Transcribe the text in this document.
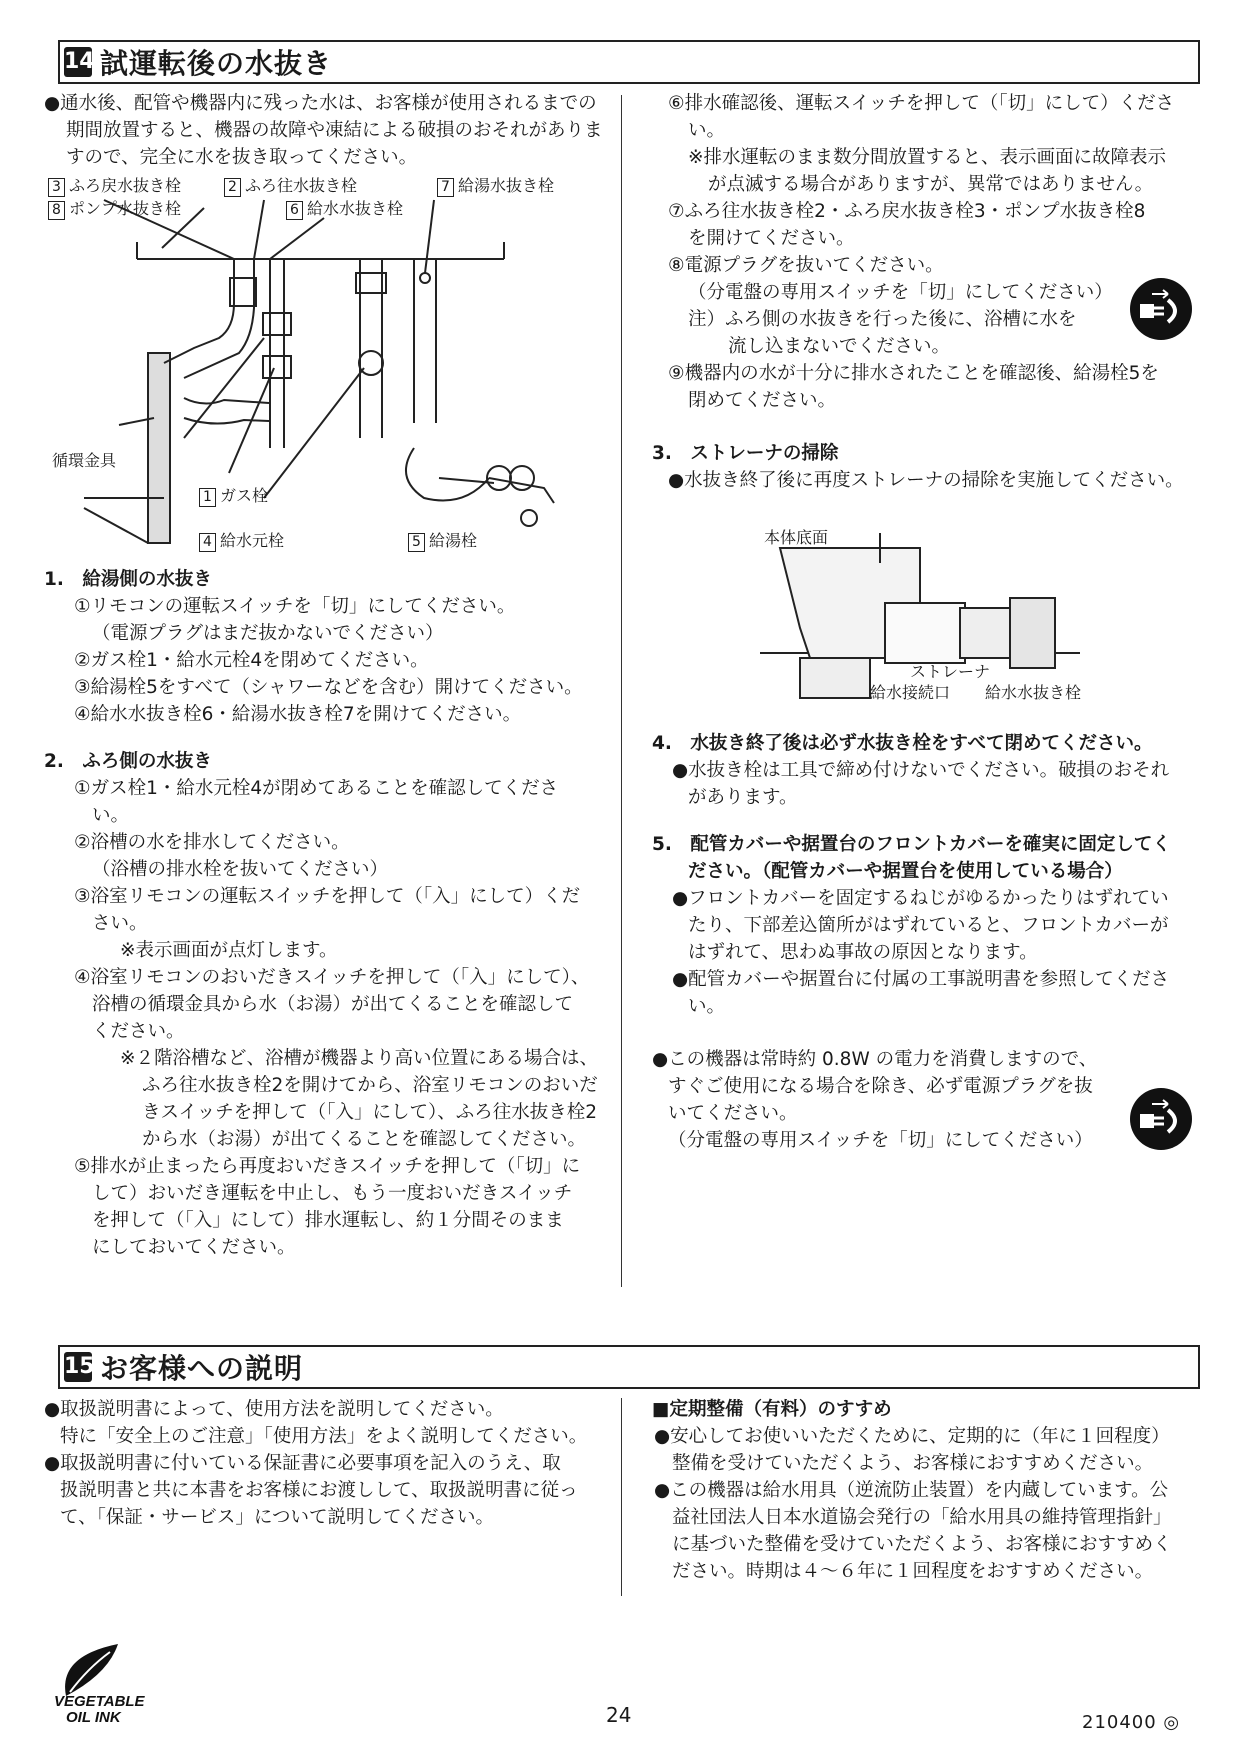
14 試運転後の水抜き

●通水後、配管や機器内に残った水は、お客様が使用されるまでの期間放置すると、機器の故障や凍結による破損のおそれがありますので、完全に水を抜き取ってください。

3 ふろ戻水抜き栓	2 ふろ往水抜き栓	7 給湯水抜き栓
8 ポンプ水抜き栓	6 給水水抜き栓
循環金具
1 ガス栓
4 給水元栓	5 給湯栓

1.　給湯側の水抜き

①リモコンの運転スイッチを「切」にしてください。

（電源プラグはまだ抜かないでください）

②ガス栓1・給水元栓4を閉めてください。

③給湯栓5をすべて（シャワーなどを含む）開けてください。

④給水水抜き栓6・給湯水抜き栓7を開けてください。

2.　ふろ側の水抜き

①ガス栓1・給水元栓4が閉めてあることを確認してくださ

い。

②浴槽の水を排水してください。

（浴槽の排水栓を抜いてください）

③浴室リモコンの運転スイッチを押して（「入」にして）くだ

さい。

※表示画面が点灯します。

④浴室リモコンのおいだきスイッチを押して（「入」にして）、

浴槽の循環金具から水（お湯）が出てくることを確認して

ください。

※２階浴槽など、浴槽が機器より高い位置にある場合は、

ふろ往水抜き栓2を開けてから、浴室リモコンのおいだ

きスイッチを押して（「入」にして）、ふろ往水抜き栓2

から水（お湯）が出てくることを確認してください。

⑤排水が止まったら再度おいだきスイッチを押して（「切」に

して）おいだき運転を中止し、もう一度おいだきスイッチ

を押して（「入」にして）排水運転し、約１分間そのまま

にしておいてください。

⑥排水確認後、運転スイッチを押して（「切」にして）くださ

い。

※排水運転のまま数分間放置すると、表示画面に故障表示

が点滅する場合がありますが、異常ではありません。

⑦ふろ往水抜き栓2・ふろ戻水抜き栓3・ポンプ水抜き栓8

を開けてください。

⑧電源プラグを抜いてください。

（分電盤の専用スイッチを「切」にしてください）

注）ふろ側の水抜きを行った後に、浴槽に水を

流し込まないでください。

⑨機器内の水が十分に排水されたことを確認後、給湯栓5を

閉めてください。

3.　ストレーナの掃除

●水抜き終了後に再度ストレーナの掃除を実施してください。

本体底面
ストレーナ
給水接続口 給水水抜き栓

4.　水抜き終了後は必ず水抜き栓をすべて閉めてください。

●水抜き栓は工具で締め付けないでください。破損のおそれ

があります。

5.　配管カバーや据置台のフロントカバーを確実に固定してく

ださい。（配管カバーや据置台を使用している場合）

●フロントカバーを固定するねじがゆるかったりはずれてい

たり、下部差込箇所がはずれていると、フロントカバーが

はずれて、思わぬ事故の原因となります。

●配管カバーや据置台に付属の工事説明書を参照してくださ

い。

●この機器は常時約 0.8W の電力を消費しますので、

すぐご使用になる場合を除き、必ず電源プラグを抜

いてください。

（分電盤の専用スイッチを「切」にしてください）

15 お客様への説明

●取扱説明書によって、使用方法を説明してください。

特に「安全上のご注意」「使用方法」をよく説明してください。

●取扱説明書に付いている保証書に必要事項を記入のうえ、取

扱説明書と共に本書をお客様にお渡しして、取扱説明書に従っ

て、「保証・サービス」について説明してください。

■定期整備（有料）のすすめ

●安心してお使いいただくために、定期的に（年に１回程度）

整備を受けていただくよう、お客様におすすめください。

●この機器は給水用具（逆流防止装置）を内蔵しています。公

益社団法人日本水道協会発行の「給水用具の維持管理指針」

に基づいた整備を受けていただくよう、お客様におすすめく

ださい。時期は４～６年に１回程度をおすすめください。

VEGETABLE
OIL INK	24	210400 ◎
